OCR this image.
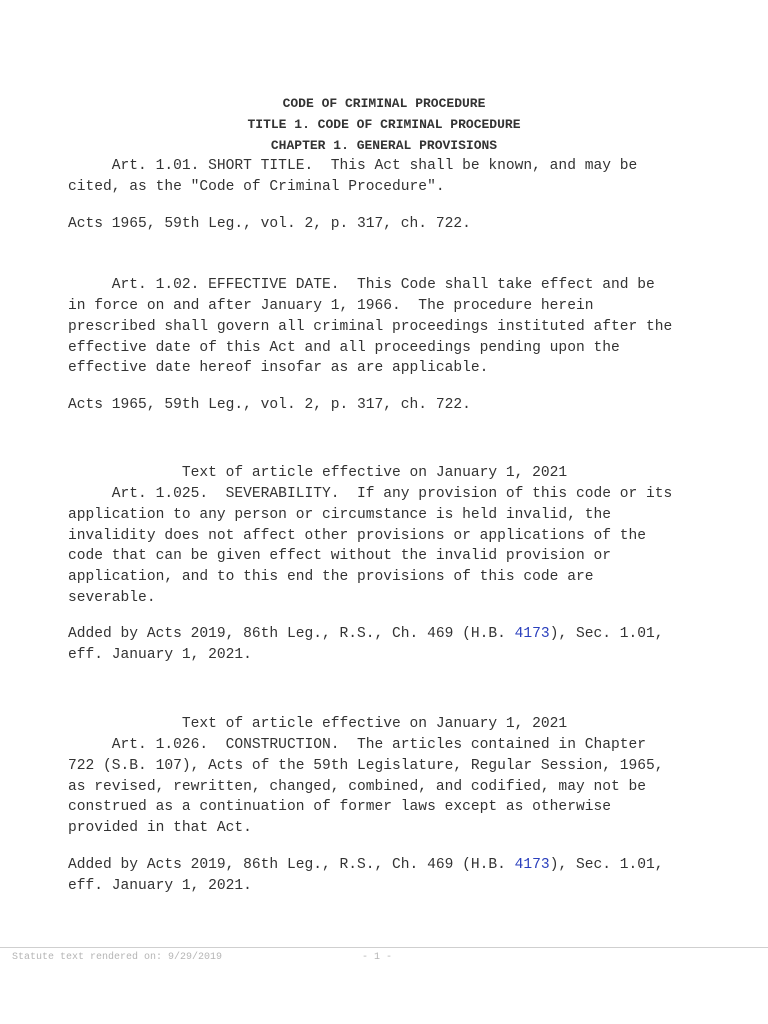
CODE OF CRIMINAL PROCEDURE

TITLE 1. CODE OF CRIMINAL PROCEDURE

CHAPTER 1. GENERAL PROVISIONS

Art. 1.01. SHORT TITLE.  This Act shall be known, and may be

cited, as the "Code of Criminal Procedure".

Acts 1965, 59th Leg., vol. 2, p. 317, ch. 722.

Art. 1.02. EFFECTIVE DATE.  This Code shall take effect and be

in force on and after January 1, 1966.  The procedure herein

prescribed shall govern all criminal proceedings instituted after the

effective date of this Act and all proceedings pending upon the

effective date hereof insofar as are applicable.

Acts 1965, 59th Leg., vol. 2, p. 317, ch. 722.

Text of article effective on January 1, 2021

Art. 1.025.  SEVERABILITY.  If any provision of this code or its

application to any person or circumstance is held invalid, the

invalidity does not affect other provisions or applications of the

code that can be given effect without the invalid provision or

application, and to this end the provisions of this code are

severable.

Added by Acts 2019, 86th Leg., R.S., Ch. 469 (H.B. 4173), Sec. 1.01,

eff. January 1, 2021.

Text of article effective on January 1, 2021

Art. 1.026.  CONSTRUCTION.  The articles contained in Chapter

722 (S.B. 107), Acts of the 59th Legislature, Regular Session, 1965,

as revised, rewritten, changed, combined, and codified, may not be

construed as a continuation of former laws except as otherwise

provided in that Act.

Added by Acts 2019, 86th Leg., R.S., Ch. 469 (H.B. 4173), Sec. 1.01,

eff. January 1, 2021.

Statute text rendered on: 9/29/2019	- 1 -
